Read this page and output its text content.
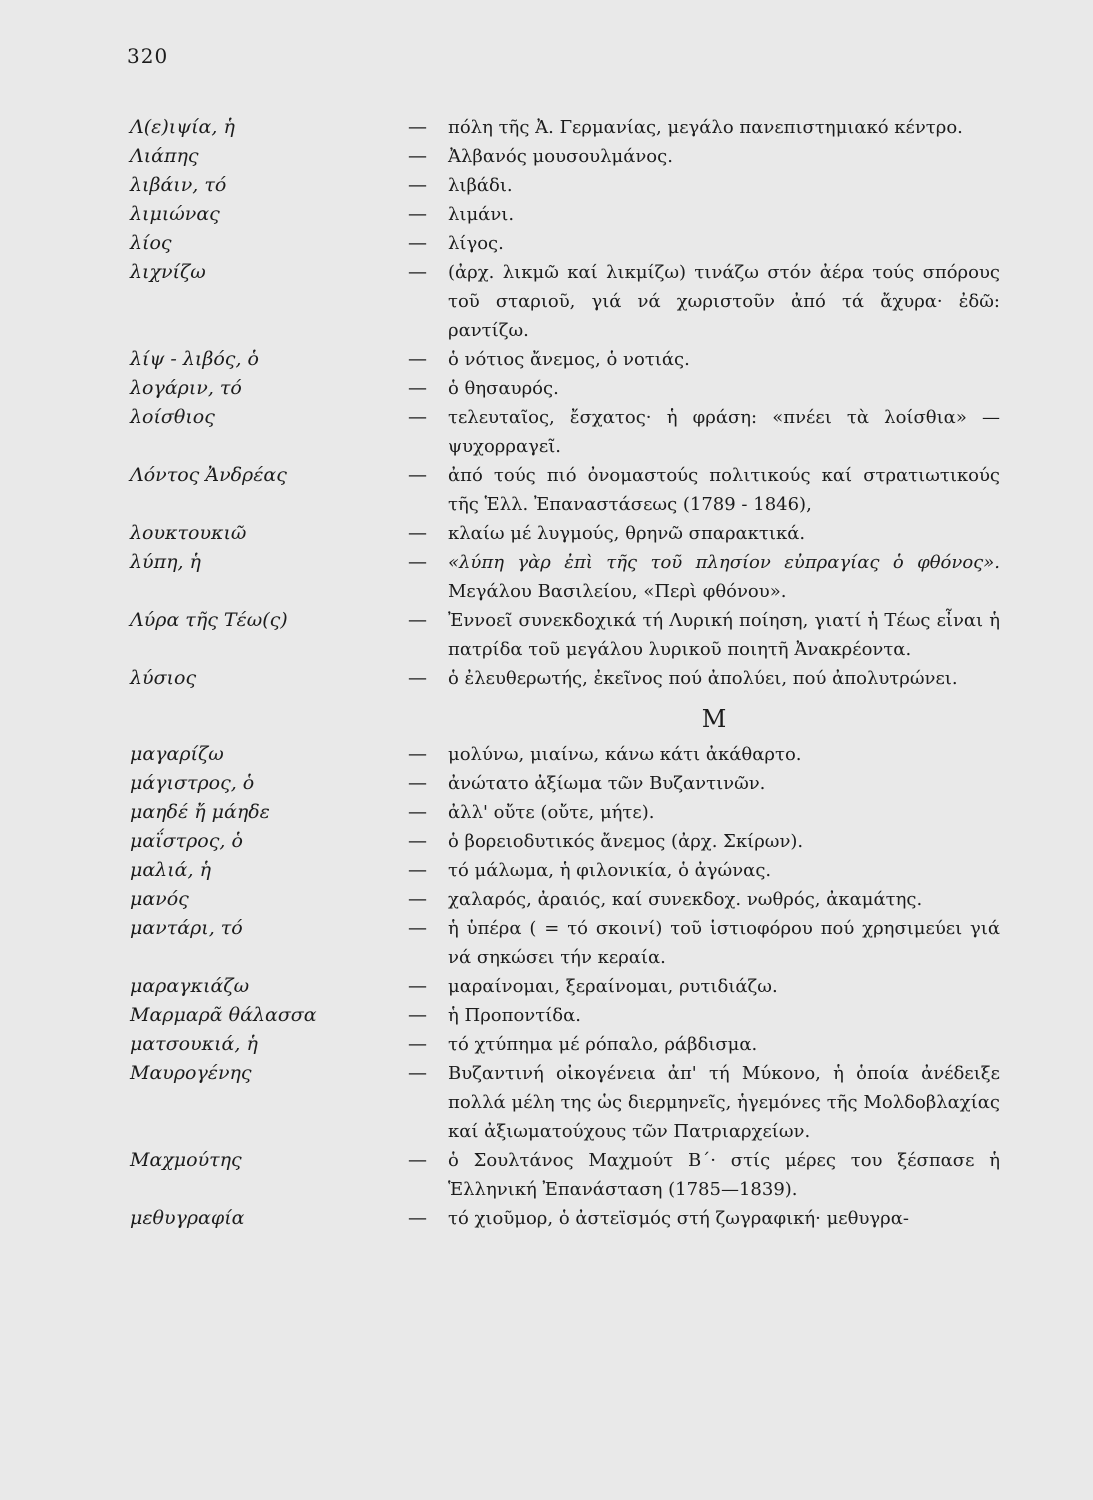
320
Λ(ε)ιψία, ἡ	— πόλη τῆς Ἀ. Γερμανίας, μεγάλο πανεπιστημιακό κέντρο.
Λιάπης	— Ἀλβανός μουσουλμάνος.
λιβάιν, τό	— λιβάδι.
λιμιώνας	— λιμάνι.
λίος	— λίγος.
λιχνίζω	— (ἀρχ. λικμῶ καί λικμίζω) τινάζω στόν ἀέρα τούς σπόρους τοῦ σταριοῦ, γιά νά χωριστοῦν ἀπό τά ἄχυρα· ἐδῶ: ραντίζω.
λίψ - λιβός, ὁ	— ὁ νότιος ἄνεμος, ὁ νοτιάς.
λογάριν, τό	— ὁ θησαυρός.
λοίσθιος	— τελευταῖος, ἔσχατος· ἡ φράση: «πνέει τὰ λοίσθια» — ψυχορραγεῖ.
Λόντος Ἀνδρέας	— ἀπό τούς πιό ὀνομαστούς πολιτικούς καί στρατιωτικούς τῆς Ἑλλ. Ἐπαναστάσεως (1789 - 1846),
λουκτουκιῶ	— κλαίω μέ λυγμούς, θρηνῶ σπαρακτικά.
λύπη, ἡ	— «λύπη γὰρ ἐπὶ τῆς τοῦ πλησίον εὐπραγίας ὁ φθόνος». Μεγάλου Βασιλείου, «Περὶ φθόνου».
Λύρα τῆς Τέω(ς)	— Ἐννοεῖ συνεκδοχικά τή Λυρική ποίηση, γιατί ἡ Τέως εἶναι ἡ πατρίδα τοῦ μεγάλου λυρικοῦ ποιητῆ Ἀνακρέοντα.
λύσιος	— ὁ ἐλευθερωτής, ἐκεῖνος πού ἀπολύει, πού ἀπολυτρώνει.
Μ
μαγαρίζω	— μολύνω, μιαίνω, κάνω κάτι ἀκάθαρτο.
μάγιστρος, ὁ	— ἀνώτατο ἀξίωμα τῶν Βυζαντινῶν.
μαηδέ ἤ μάηδε	— ἀλλ' οὔτε (οὔτε, μήτε).
μαΐστρος, ὁ	— ὁ βορειοδυτικός ἄνεμος (ἀρχ. Σκίρων).
μαλιά, ἡ	— τό μάλωμα, ἡ φιλονικία, ὁ ἀγώνας.
μανός	— χαλαρός, ἀραιός, καί συνεκδοχ. νωθρός, ἀκαμάτης.
μαντάρι, τό	— ἡ ὑπέρα ( = τό σκοινί) τοῦ ἱστιοφόρου πού χρησιμεύει γιά νά σηκώσει τήν κεραία.
μαραγκιάζω	— μαραίνομαι, ξεραίνομαι, ρυτιδιάζω.
Μαρμαρᾶ θάλασσα	— ἡ Προποντίδα.
ματσουκιά, ἡ	— τό χτύπημα μέ ρόπαλο, ράβδισμα.
Μαυρογένης	— Βυζαντινή οἰκογένεια ἀπ' τή Μύκονο, ἡ ὁποία ἀνέδειξε πολλά μέλη της ὡς διερμηνεῖς, ἡγεμόνες τῆς Μολδοβλαχίας καί ἀξιωματούχους τῶν Πατριαρχείων.
Μαχμούτης	— ὁ Σουλτάνος Μαχμούτ Β΄· στίς μέρες του ξέσπασε ἡ Ἑλληνική Ἐπανάσταση (1785—1839).
μεθυγραφία	— τό χιοῦμορ, ὁ ἀστεϊσμός στή ζωγραφική· μεθυγρα-
